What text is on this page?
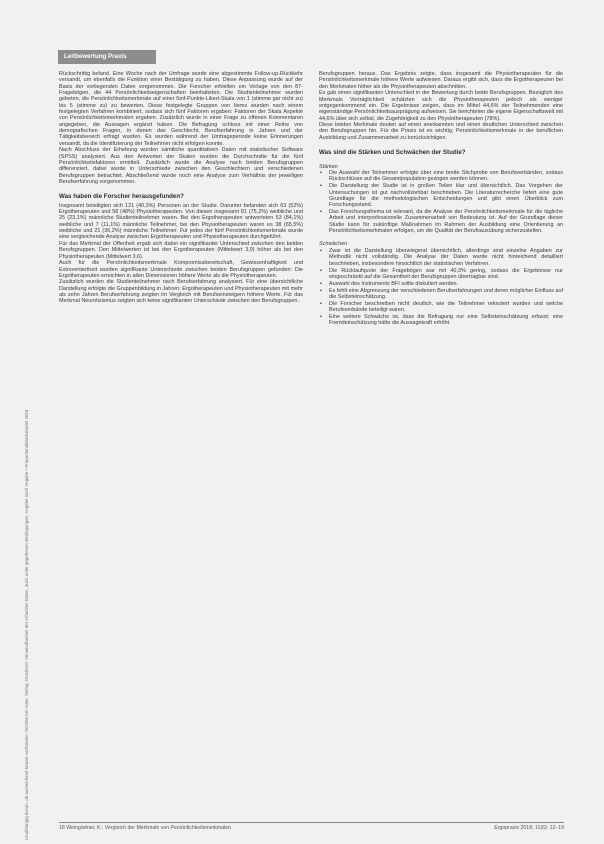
Unabhängig davon, ob ausreichend Masse vorhanden: Schritte bei Autor, Verlag, Druckerei. Verwendbarkeit der erfassten Daten, auch unter gegebenen Bedingungen, Angabe nach Angabe • Proportionalitätsbeispiel 2018
Leitbewertung Praxis

Rückschrittig befand. Eine Woche nach der Umfrage wurde eine abgestimmte Follow-up-Rückkehr versandt, um ebenfalls die Funktion einer Bestätigung zu haben. Diese Anpassung wurde auf der Basis der vorliegenden Daten vorgenommen. Die Forscher erhielten ein Vorlage von den 87-Fragebögen, die 44 Persönlichkeitseigenschaften beinhalteten. Die Studienteilnehmer wurden gebeten, die Persönlichkeitsmerkmale auf einer fünf-Punkte-Likert-Skala von 1 (stimme gar nicht zu) bis 5 (stimme zu) zu bewerten. Diese festgelegte Gruppen von Items wurden nach einem festgelegten Verfahren kombiniert, sodass sich fünf Faktoren ergaben: Faktoren der Skala Aspekte von Persönlichkeitsmerkmalen ergaben. Zusätzlich wurde in einer Frage zu offenen Kommentaren angegeben, die Aussagen ergänzt haben. Die Befragung schloss mit einer Reihe von demografischen Fragen, in denen das Geschlecht, Berufserfahrung in Jahren und der Tätigkeitsbereich erfragt wurden. Es wurden während der Umfrageperiode keine Erinnerungen versandt, da die Identifizierung der Teilnehmer nicht erfolgen konnte.

Nach Abschluss der Erhebung wurden sämtliche quantitativen Daten mit statistischer Software (SPSS) analysiert. Aus den Antworten der Skalen wurden die Durchschnitte für die fünf Persönlichkeitsfaktoren ermittelt. Zusätzlich wurde die Analyse nach beiden Berufsgruppen differenziert, dabei wurde in Unterschiede zwischen den Geschlechtern und verschiedenen Berufsgruppen betrachtet. Abschließend wurde noch eine Analyse zum Verhältnis der jeweiligen Berufserfahrung vorgenommen.

Was haben die Forscher herausgefunden?

Insgesamt beteiligten sich 121 (40,3%) Personen an der Studie. Darunter befanden sich 63 (52%) Ergotherapeuten und 58 (48%) Physiotherapeuten. Von diesen insgesamt 81 (75,2%) weibliche und 25 (23,1%) männliche Studienteilnehmer waren. Bei den Ergotherapeuten antworteten 53 (84,1%) weibliche und 7 (11,1%) männliche Teilnehmer, bei den Physiotherapeuten waren es 38 (65,5%) weibliche und 21 (36,2%) männliche Teilnehmer. Für jedes der fünf Persönlichkeitsmerkmale wurde eine vergleichende Analyse zwischen Ergotherapeuten und Physiotherapeuten durchgeführt.

Für das Merkmal der Offenheit ergab sich dabei ein signifikanter Unterschied zwischen den beiden Berufsgruppen. Den Mittelwerten ist bei den Ergotherapeuten (Mittelwert 3,9) höher als bei den Physiotherapeuten (Mittelwert 3,6).

Auch für die Persönlichkeitsmerkmale Kompromissbereitschaft, Gewissenhaftigkeit und Extrovertiertheit wurden signifikante Unterschiede zwischen beiden Berufsgruppen gefunden: Die Ergotherapeuten erreichten in allen Dimensionen höhere Werte als die Physiotherapeuten.

Zusätzlich wurden die Studienteilnehmer nach Berufserfahrung analysiert. Für eine übersichtliche Darstellung erfolgte die Gruppenbildung in Jahren: Ergotherapeuten und Physiotherapeuten mit mehr als zehn Jahren Berufserfahrung zeigten im Vergleich mit Berufseinsteigern höhere Werte. Für das Merkmal Neurotizismus zeigten sich keine signifikanten Unterschiede zwischen den Berufsgruppen.

Berufsgruppen heraus. Das Ergebnis zeigte, dass insgesamt die Physiotherapeuten für die Persönlichkeitsmerkmale höhere Werte aufwiesen. Daraus ergibt sich, dass die Ergotherapeuten bei den Merkmalen höher als die Physiotherapeuten abschnitten.

Es gab einen signifikanten Unterschied in der Bewertung durch beide Berufsgruppen. Bezüglich des Merkmals Verträglichkeit schätzten sich die Physiotherapeuten jedoch als weniger entgegenkommend ein. Die Ergebnisse zeigen, dass im Mittel 44,6% der Teilnehmenden eine eigenständige Persönlichkeitsausprägung aufweisen. Sie berichteten die eigene Eigenschaftswelt mit 44,6% über sich selbst, die Zugehörigkeit zu den Physiotherapeuten (78%).

Diese beiden Merkmale deuten auf einen anerkannten und einen deutlichen Unterschied zwischen den Berufsgruppen hin. Für die Praxis ist es wichtig, Persönlichkeitsmerkmale in der beruflichen Ausbildung und Zusammenarbeit zu berücksichtigen.

Was sind die Stärken und Schwächen der Studie?

Stärken

▪ Die Auswahl der Teilnehmer erfolgte über eine breite Stichprobe von Berufsverbänden, sodass Rückschlüsse auf die Gesamtpopulation gezogen werden können.
▪ Die Darstellung der Studie ist in großen Teilen klar und übersichtlich. Das Vorgehen der Untersuchungen ist gut nachvollziehbar beschrieben. Die Literaturrecherche liefert eine gute Grundlage für die methodologischen Entscheidungen und gibt einen Überblick zum Forschungsstand.
▪ Das Forschungsthema ist relevant, da die Analyse der Persönlichkeitsmerkmale für die tägliche Arbeit und interprofessionelle Zusammenarbeit von Bedeutung ist. Auf der Grundlage dieser Studie kann für zukünftige Maßnahmen im Rahmen der Ausbildung eine Orientierung an Persönlichkeitsmerkmalen erfolgen, um die Qualität der Berufsausübung sicherzustellen.

Schwächen

▪ Zwar ist die Darstellung überwiegend übersichtlich, allerdings sind einzelne Angaben zur Methodik nicht vollständig. Die Analyse der Daten wurde nicht hinreichend detailliert beschrieben, insbesondere hinsichtlich der statistischen Verfahren.
▪ Die Rücklaufquote der Fragebögen war mit 40,3% gering, sodass die Ergebnisse nur eingeschränkt auf die Gesamtheit der Berufsgruppen übertragbar sind.
▪ Auswahl des Instruments BFI sollte diskutiert werden.
▪ Es fehlt eine Abgrenzung der verschiedenen Berufserfahrungen und deren möglicher Einfluss auf die Selbsteinschätzung.
▪ Die Forscher beschreiben nicht deutlich, wie die Teilnehmer rekrutiert wurden und welche Berufsverbände beteiligt waren.
▪ Eine weitere Schwäche ist, dass die Befragung nur eine Selbsteinschätzung erfasst; eine Fremdeinschätzung hätte die Aussagekraft erhöht.
18 Weingärtner, K.: Vergleich der Merkmale von Persönlichkeitsmerkmalen	Ergopraxis 2018; 11(6): 12–19
